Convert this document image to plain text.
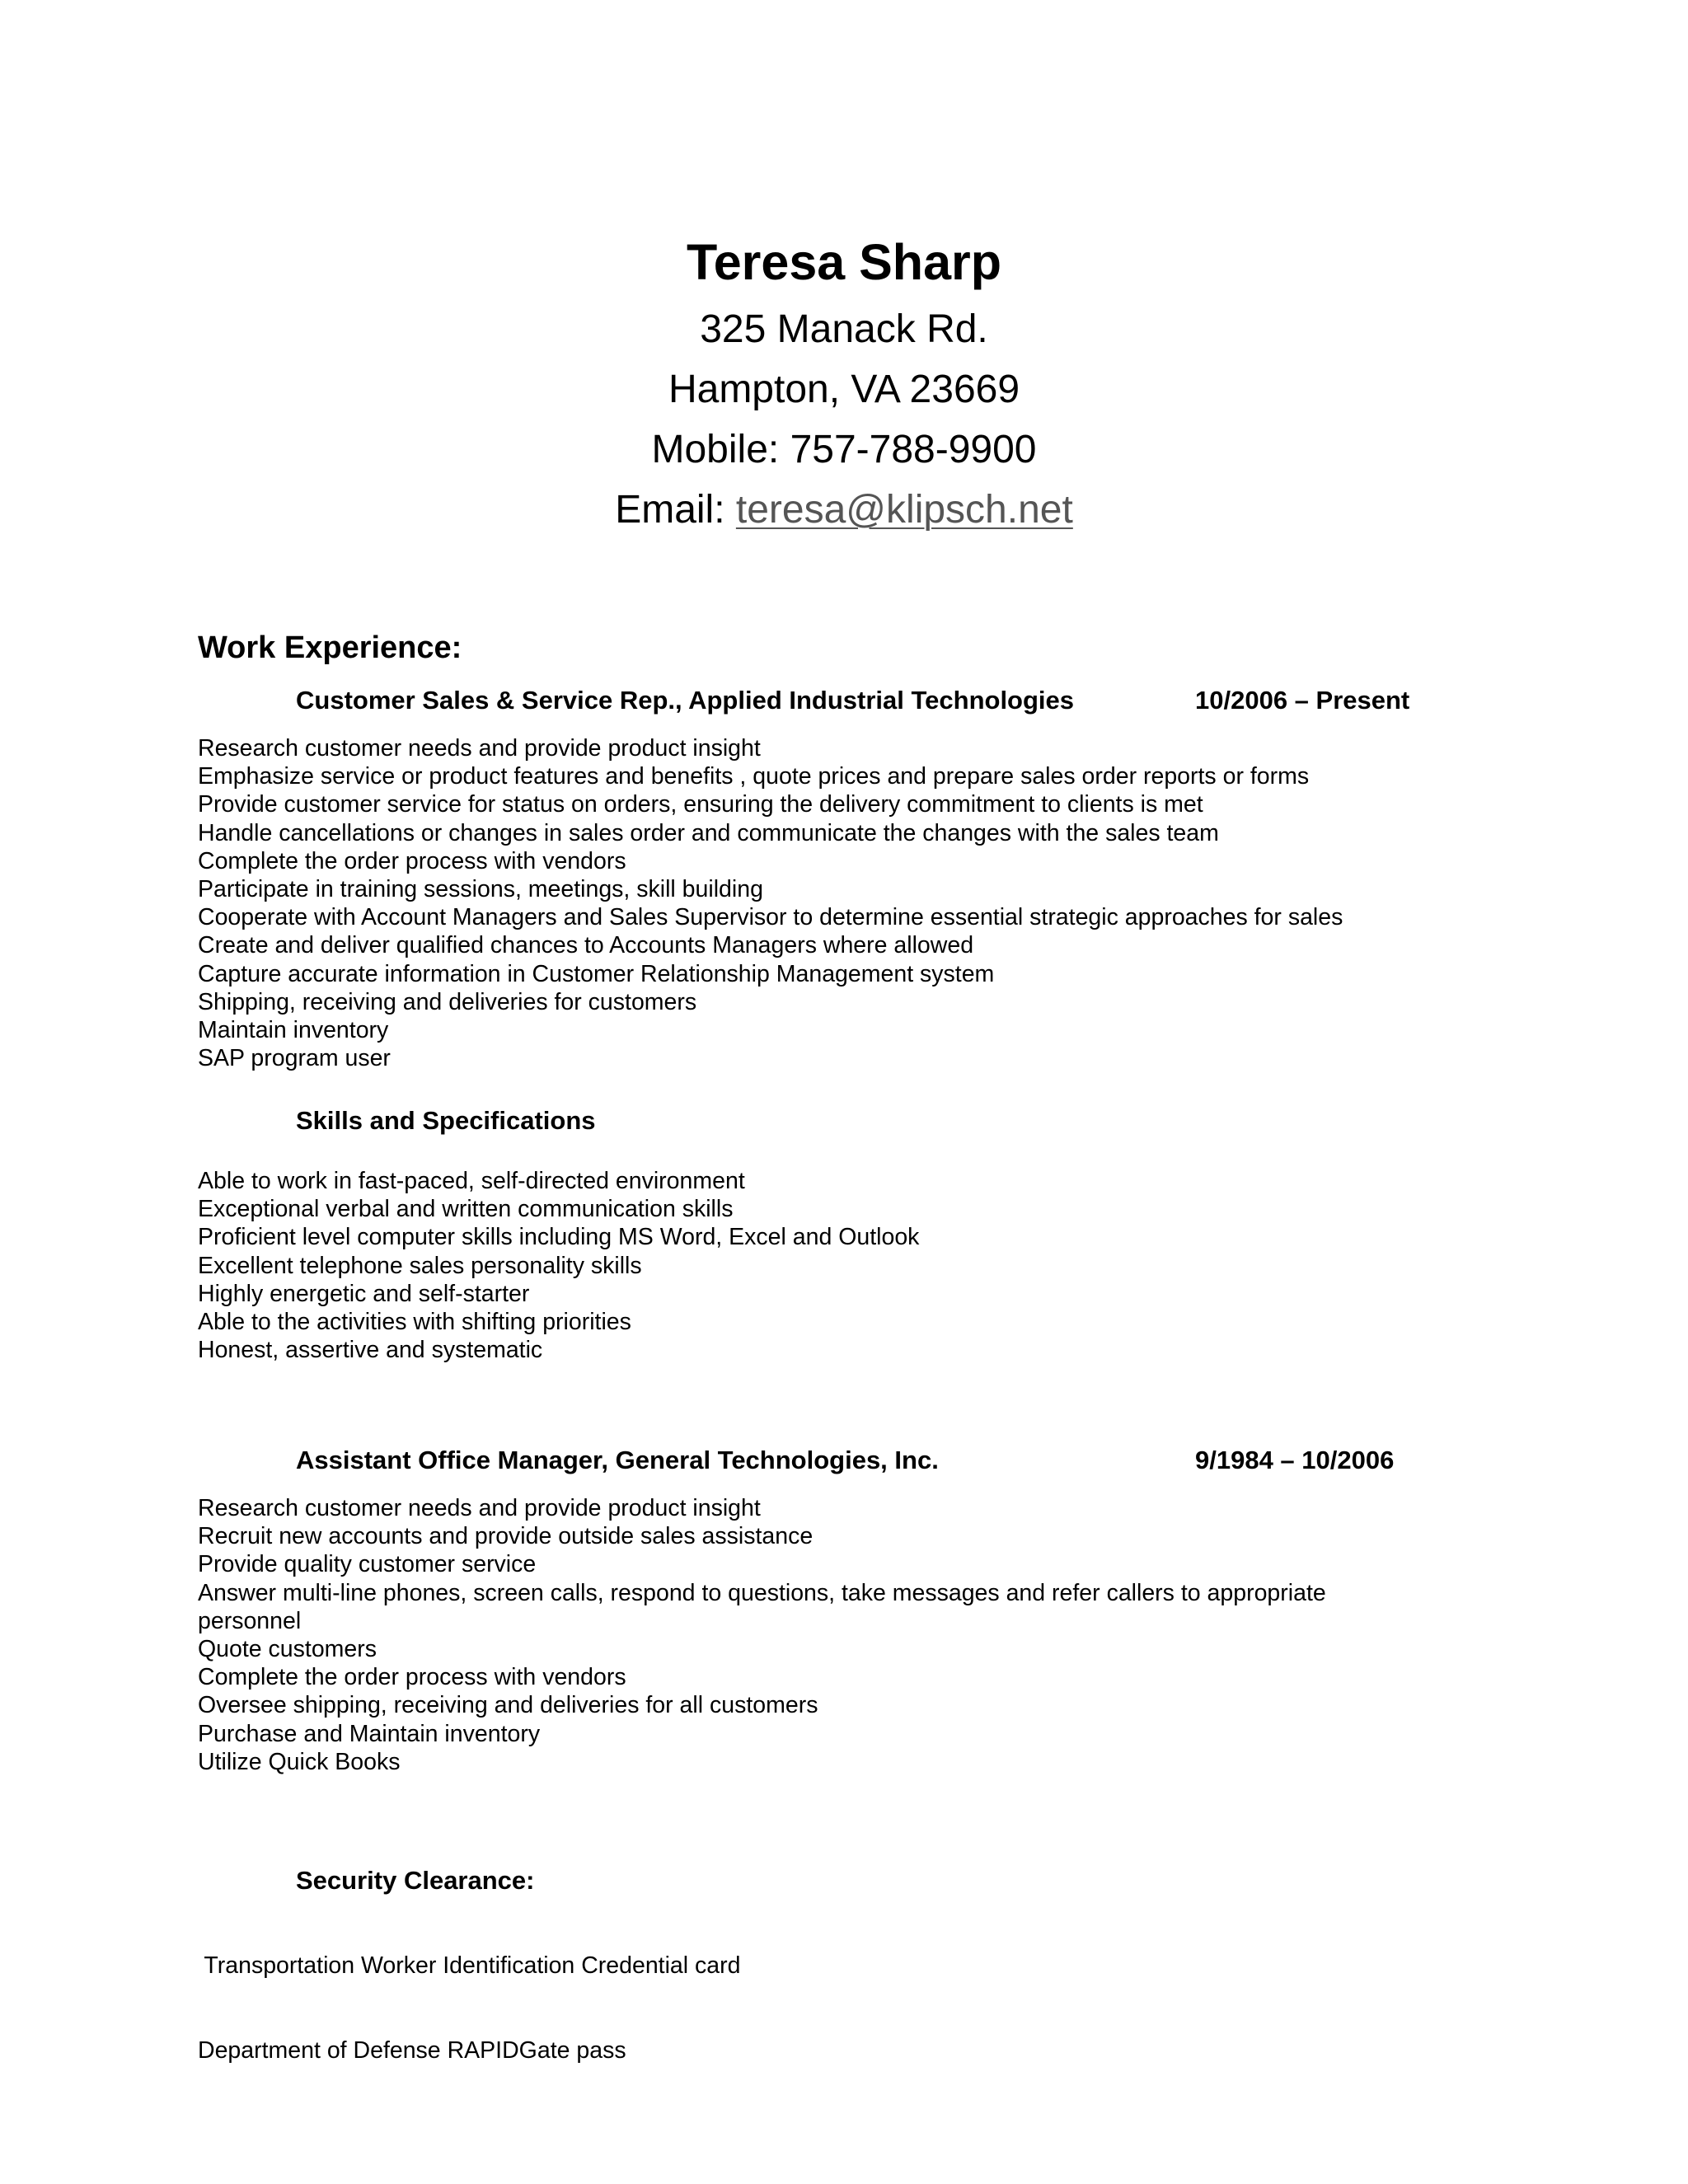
Teresa Sharp
325 Manack Rd.
Hampton, VA 23669
Mobile: 757-788-9900
Email: teresa@klipsch.net
Work Experience:
Customer Sales & Service Rep., Applied Industrial Technologies	10/2006 – Present
Research customer needs and provide product insight
Emphasize service or product features and benefits , quote prices and prepare sales order reports or forms
Provide customer service for status on orders, ensuring the delivery commitment to clients is met
Handle cancellations or changes in sales order and communicate the changes with the sales team
Complete the order process with vendors
Participate in training sessions, meetings, skill building
Cooperate with Account Managers and Sales Supervisor to determine essential strategic approaches for sales
Create and deliver qualified chances to Accounts Managers where allowed
Capture accurate information in Customer Relationship Management system
Shipping, receiving and deliveries for customers
Maintain inventory
SAP program user
Skills and Specifications
Able to work in fast-paced, self-directed environment
Exceptional verbal and written communication skills
Proficient level computer skills including MS Word, Excel and Outlook
Excellent telephone sales personality skills
Highly energetic and self-starter
Able to the activities with shifting priorities
Honest, assertive and systematic
Assistant Office Manager, General Technologies, Inc.	9/1984 – 10/2006
Research customer needs and provide product insight
Recruit new accounts and provide outside sales assistance
Provide quality customer service
Answer multi-line phones, screen calls, respond to questions, take messages and refer callers to appropriate personnel
Quote customers
Complete the order process with vendors
Oversee shipping, receiving and deliveries for all customers
Purchase and Maintain inventory
Utilize Quick Books
Security Clearance:

Transportation Worker Identification Credential card

Department of Defense RAPIDGate pass
